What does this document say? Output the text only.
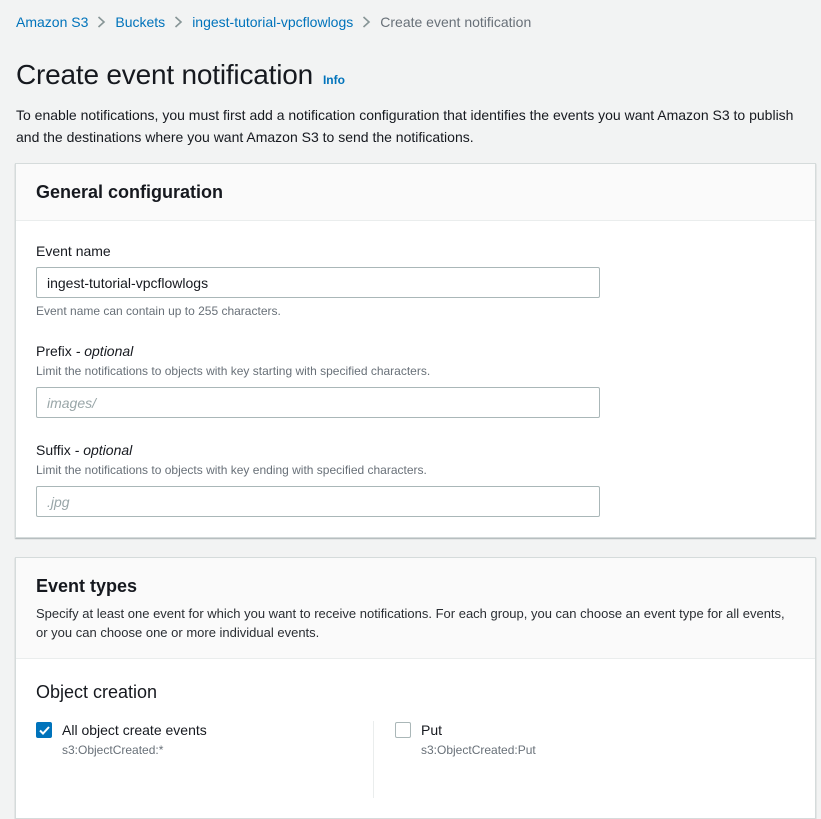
Amazon S3 Buckets ingest-tutorial-vpcflowlogs Create event notification
Create event notification Info

To enable notifications, you must first add a notification configuration that identifies the events you want Amazon S3 to publish and the destinations where you want Amazon S3 to send the notifications.

General configuration
Event name
ingest-tutorial-vpcflowlogs
Event name can contain up to 255 characters.
Prefix - optional
Limit the notifications to objects with key starting with specified characters.
images/
Suffix - optional
Limit the notifications to objects with key ending with specified characters.
.jpg
Event types

Specify at least one event for which you want to receive notifications. For each group, you can choose an event type for all events, or you can choose one or more individual events.

Object creation
All object create events
s3:ObjectCreated:*
Put
s3:ObjectCreated:Put
